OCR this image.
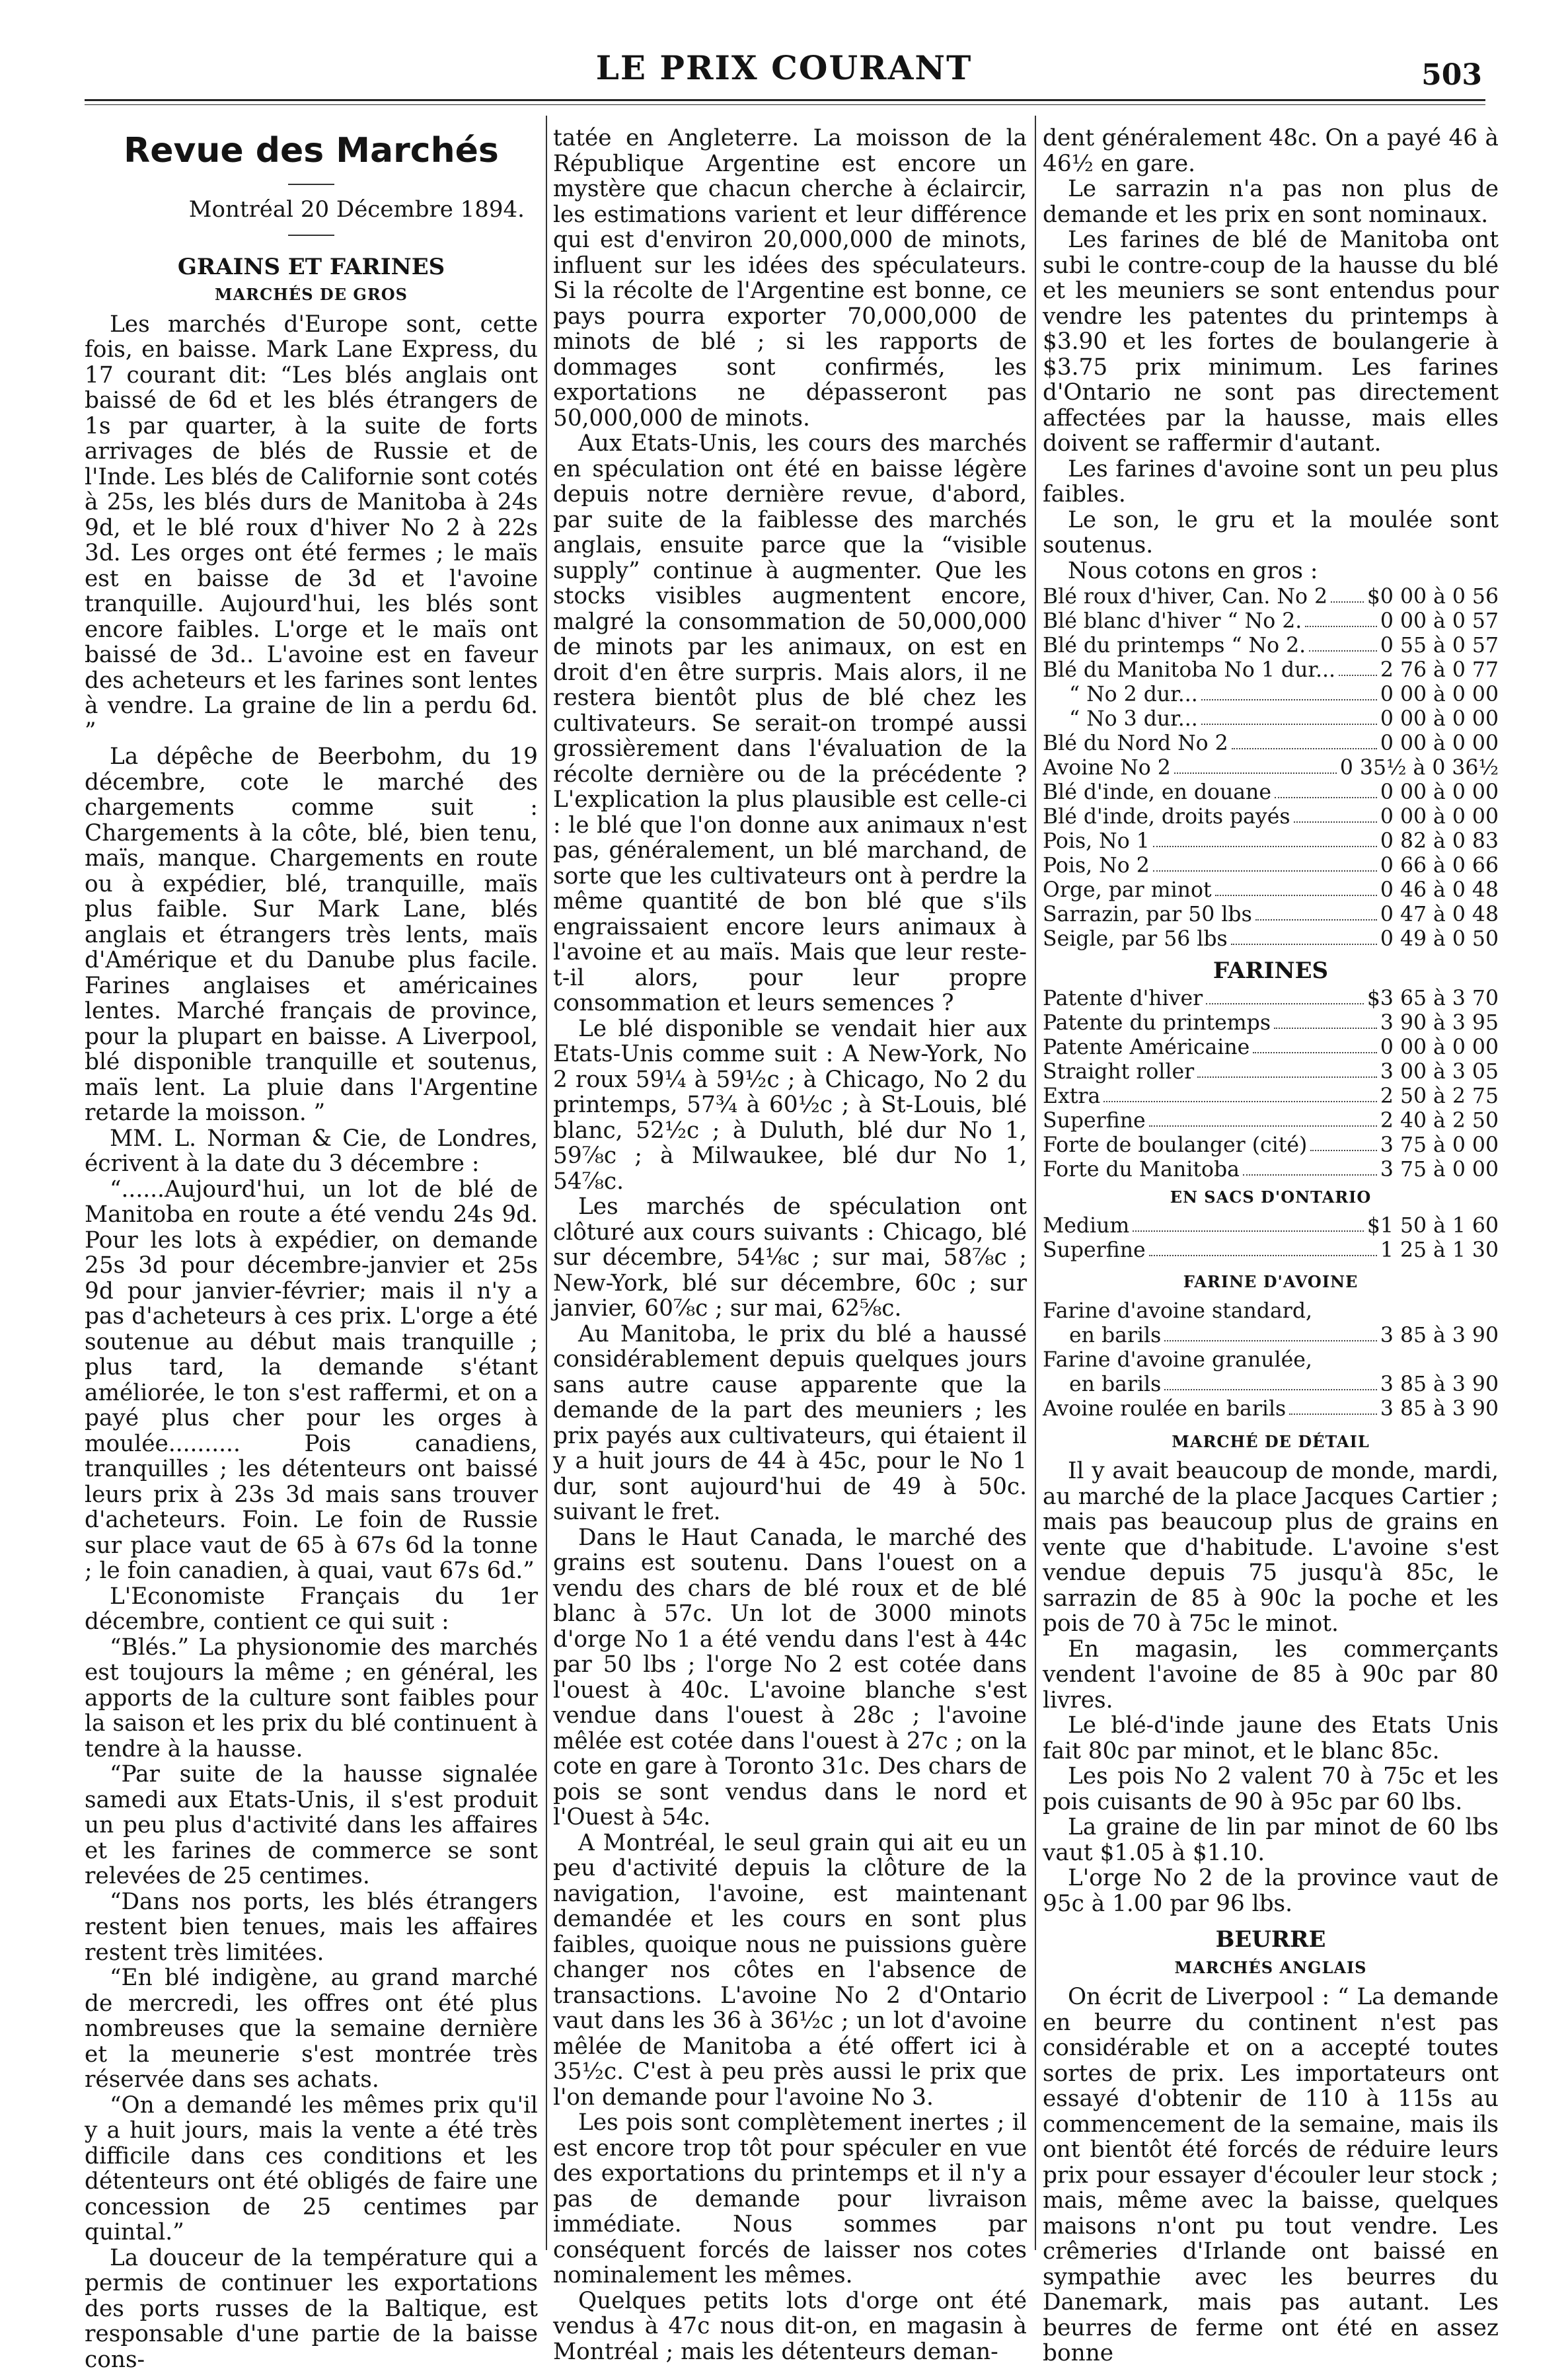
LE PRIX COURANT	503
Revue des Marchés
Montréal 20 Décembre 1894.
GRAINS ET FARINES
MARCHÉS DE GROS

Les marchés d'Europe sont, cette fois, en baisse. Mark Lane Express, du 17 courant dit: “Les blés anglais ont baissé de 6d et les blés étrangers de 1s par quarter, à la suite de forts arrivages de blés de Russie et de l'Inde. Les blés de Californie sont cotés à 25s, les blés durs de Manitoba à 24s 9d, et le blé roux d'hiver No 2 à 22s 3d. Les orges ont été fermes ; le maïs est en baisse de 3d et l'avoine tranquille. Aujourd'hui, les blés sont encore faibles. L'orge et le maïs ont baissé de 3d.. L'avoine est en faveur des acheteurs et les farines sont lentes à vendre. La graine de lin a perdu 6d. ”

La dépêche de Beerbohm, du 19 décembre, cote le marché des chargements comme suit : Chargements à la côte, blé, bien tenu, maïs, manque. Chargements en route ou à expédier, blé, tranquille, maïs plus faible. Sur Mark Lane, blés anglais et étrangers très lents, maïs d'Amérique et du Danube plus facile. Farines anglaises et américaines lentes. Marché français de province, pour la plupart en baisse. A Liverpool, blé disponible tranquille et soutenus, maïs lent. La pluie dans l'Argentine retarde la moisson. ”

MM. L. Norman & Cie, de Londres, écrivent à la date du 3 décembre :

“......Aujourd'hui, un lot de blé de Manitoba en route a été vendu 24s 9d. Pour les lots à expédier, on demande 25s 3d pour décembre-janvier et 25s 9d pour janvier-février; mais il n'y a pas d'acheteurs à ces prix. L'orge a été soutenue au début mais tranquille ; plus tard, la demande s'étant améliorée, le ton s'est raffermi, et on a payé plus cher pour les orges à moulée.......... Pois canadiens, tranquilles ; les détenteurs ont baissé leurs prix à 23s 3d mais sans trouver d'acheteurs. Foin. Le foin de Russie sur place vaut de 65 à 67s 6d la tonne ; le foin canadien, à quai, vaut 67s 6d.”

L'Economiste Français du 1er décembre, contient ce qui suit :

“Blés.” La physionomie des marchés est toujours la même ; en général, les apports de la culture sont faibles pour la saison et les prix du blé continuent à tendre à la hausse.

“Par suite de la hausse signalée samedi aux Etats-Unis, il s'est produit un peu plus d'activité dans les affaires et les farines de commerce se sont relevées de 25 centimes.

“Dans nos ports, les blés étrangers restent bien tenues, mais les affaires restent très limitées.

“En blé indigène, au grand marché de mercredi, les offres ont été plus nombreuses que la semaine dernière et la meunerie s'est montrée très réservée dans ses achats.

“On a demandé les mêmes prix qu'il y a huit jours, mais la vente a été très difficile dans ces conditions et les détenteurs ont été obligés de faire une concession de 25 centimes par quintal.”

La douceur de la température qui a permis de continuer les exportations des ports russes de la Baltique, est responsable d'une partie de la baisse cons-

tatée en Angleterre. La moisson de la République Argentine est encore un mystère que chacun cherche à éclaircir, les estimations varient et leur différence qui est d'environ 20,000,000 de minots, influent sur les idées des spéculateurs. Si la récolte de l'Argentine est bonne, ce pays pourra exporter 70,000,000 de minots de blé ; si les rapports de dommages sont confirmés, les exportations ne dépasseront pas 50,000,000 de minots.

Aux Etats-Unis, les cours des marchés en spéculation ont été en baisse légère depuis notre dernière revue, d'abord, par suite de la faiblesse des marchés anglais, ensuite parce que la “visible supply” continue à augmenter. Que les stocks visibles augmentent encore, malgré la consommation de 50,000,000 de minots par les animaux, on est en droit d'en être surpris. Mais alors, il ne restera bientôt plus de blé chez les cultivateurs. Se serait-on trompé aussi grossièrement dans l'évaluation de la récolte dernière ou de la précédente ? L'explication la plus plausible est celle-ci : le blé que l'on donne aux animaux n'est pas, généralement, un blé marchand, de sorte que les cultivateurs ont à perdre la même quantité de bon blé que s'ils engraissaient encore leurs animaux à l'avoine et au maïs. Mais que leur reste-t-il alors, pour leur propre consommation et leurs semences ?

Le blé disponible se vendait hier aux Etats-Unis comme suit : A New-York, No 2 roux 59¼ à 59½c ; à Chicago, No 2 du printemps, 57¾ à 60½c ; à St-Louis, blé blanc, 52½c ; à Duluth, blé dur No 1, 59⅞c ; à Milwaukee, blé dur No 1, 54⅞c.

Les marchés de spéculation ont clôturé aux cours suivants : Chicago, blé sur décembre, 54⅛c ; sur mai, 58⅞c ; New-York, blé sur décembre, 60c ; sur janvier, 60⅞c ; sur mai, 62⅝c.

Au Manitoba, le prix du blé a haussé considérablement depuis quelques jours sans autre cause apparente que la demande de la part des meuniers ; les prix payés aux cultivateurs, qui étaient il y a huit jours de 44 à 45c, pour le No 1 dur, sont aujourd'hui de 49 à 50c. suivant le fret.

Dans le Haut Canada, le marché des grains est soutenu. Dans l'ouest on a vendu des chars de blé roux et de blé blanc à 57c. Un lot de 3000 minots d'orge No 1 a été vendu dans l'est à 44c par 50 lbs ; l'orge No 2 est cotée dans l'ouest à 40c. L'avoine blanche s'est vendue dans l'ouest à 28c ; l'avoine mêlée est cotée dans l'ouest à 27c ; on la cote en gare à Toronto 31c. Des chars de pois se sont vendus dans le nord et l'Ouest à 54c.

A Montréal, le seul grain qui ait eu un peu d'activité depuis la clôture de la navigation, l'avoine, est maintenant demandée et les cours en sont plus faibles, quoique nous ne puissions guère changer nos côtes en l'absence de transactions. L'avoine No 2 d'Ontario vaut dans les 36 à 36½c ; un lot d'avoine mêlée de Manitoba a été offert ici à 35½c. C'est à peu près aussi le prix que l'on demande pour l'avoine No 3.

Les pois sont complètement inertes ; il est encore trop tôt pour spéculer en vue des exportations du printemps et il n'y a pas de demande pour livraison immédiate. Nous sommes par conséquent forcés de laisser nos cotes nominalement les mêmes.

Quelques petits lots d'orge ont été vendus à 47c nous dit-on, en magasin à Montréal ; mais les détenteurs deman-

dent généralement 48c. On a payé 46 à 46½ en gare.

Le sarrazin n'a pas non plus de demande et les prix en sont nominaux.

Les farines de blé de Manitoba ont subi le contre-coup de la hausse du blé et les meuniers se sont entendus pour vendre les patentes du printemps à $3.90 et les fortes de boulangerie à $3.75 prix minimum. Les farines d'Ontario ne sont pas directement affectées par la hausse, mais elles doivent se raffermir d'autant.

Les farines d'avoine sont un peu plus faibles.

Le son, le gru et la moulée sont soutenus.

Nous cotons en gros :

Blé roux d'hiver, Can. No 2 $0 00 à 0 56
Blé blanc d'hiver “ No 2.	0 00 à 0 57
Blé du printemps “ No 2.	0 55 à 0 57
Blé du Manitoba No 1 dur... 2 76 à 0 77
“ No 2 dur...	0 00 à 0 00
“ No 3 dur...	0 00 à 0 00
Blé du Nord No 2	0 00 à 0 00
Avoine No 2	0 35½ à 0 36½
Blé d'inde, en douane	0 00 à 0 00
Blé d'inde, droits payés	0 00 à 0 00
Pois, No 1	0 82 à 0 83
Pois, No 2	0 66 à 0 66
Orge, par minot	0 46 à 0 48
Sarrazin, par 50 lbs	0 47 à 0 48
Seigle, par 56 lbs	0 49 à 0 50
FARINES
Patente d'hiver	$3 65 à 3 70
Patente du printemps	3 90 à 3 95
Patente Américaine	0 00 à 0 00
Straight roller	3 00 à 3 05
Extra	2 50 à 2 75
Superfine	2 40 à 2 50
Forte de boulanger (cité)	3 75 à 0 00
Forte du Manitoba	3 75 à 0 00
EN SACS D'ONTARIO
Medium	$1 50 à 1 60
Superfine	1 25 à 1 30
FARINE D'AVOINE
Farine d'avoine standard,
en barils	3 85 à 3 90
Farine d'avoine granulée,
en barils	3 85 à 3 90
Avoine roulée en barils	3 85 à 3 90
MARCHÉ DE DÉTAIL

Il y avait beaucoup de monde, mardi, au marché de la place Jacques Cartier ; mais pas beaucoup plus de grains en vente que d'habitude. L'avoine s'est vendue depuis 75 jusqu'à 85c, le sarrazin de 85 à 90c la poche et les pois de 70 à 75c le minot.

En magasin, les commerçants vendent l'avoine de 85 à 90c par 80 livres.

Le blé-d'inde jaune des Etats Unis fait 80c par minot, et le blanc 85c.

Les pois No 2 valent 70 à 75c et les pois cuisants de 90 à 95c par 60 lbs.

La graine de lin par minot de 60 lbs vaut $1.05 à $1.10.

L'orge No 2 de la province vaut de 95c à 1.00 par 96 lbs.

BEURRE
MARCHÉS ANGLAIS

On écrit de Liverpool : “ La demande en beurre du continent n'est pas considérable et on a accepté toutes sortes de prix. Les importateurs ont essayé d'obtenir de 110 à 115s au commencement de la semaine, mais ils ont bientôt été forcés de réduire leurs prix pour essayer d'écouler leur stock ; mais, même avec la baisse, quelques maisons n'ont pu tout vendre. Les crêmeries d'Irlande ont baissé en sympathie avec les beurres du Danemark, mais pas autant. Les beurres de ferme ont été en assez bonne
